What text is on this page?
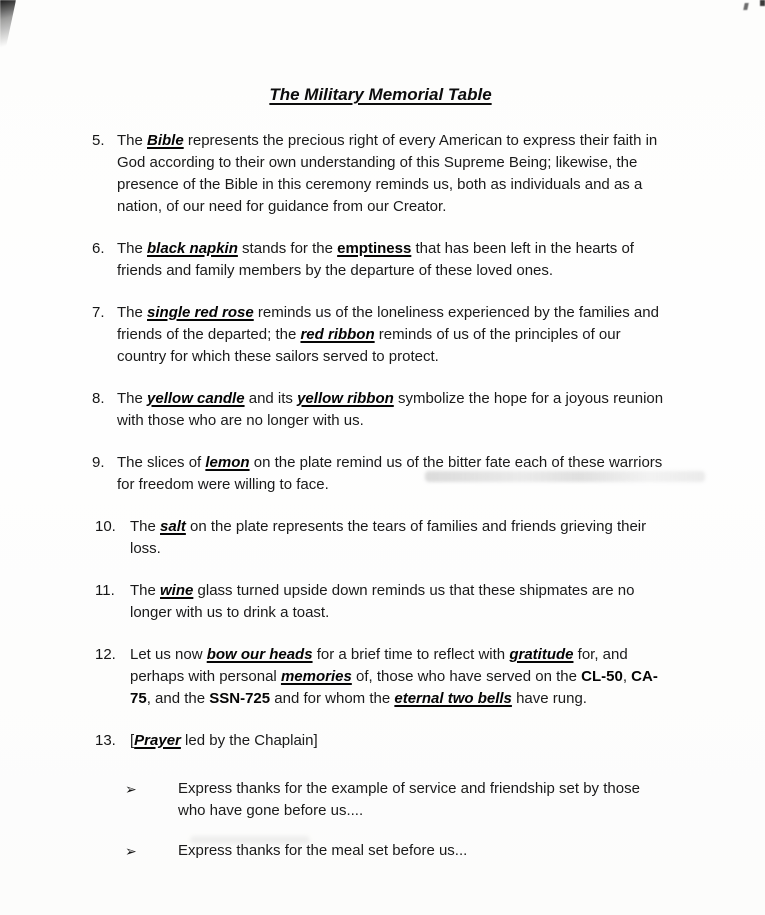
The Military Memorial Table
5. The Bible represents the precious right of every American to express their faith in God according to their own understanding of this Supreme Being; likewise, the presence of the Bible in this ceremony reminds us, both as individuals and as a nation, of our need for guidance from our Creator.
6. The black napkin stands for the emptiness that has been left in the hearts of friends and family members by the departure of these loved ones.
7. The single red rose reminds us of the loneliness experienced by the families and friends of the departed; the red ribbon reminds of us of the principles of our country for which these sailors served to protect.
8. The yellow candle and its yellow ribbon symbolize the hope for a joyous reunion with those who are no longer with us.
9. The slices of lemon on the plate remind us of the bitter fate each of these warriors for freedom were willing to face.
10. The salt on the plate represents the tears of families and friends grieving their loss.
11.	The wine glass turned upside down reminds us that these shipmates are no longer with us to drink a toast.
12. Let us now bow our heads for a brief time to reflect with gratitude for, and perhaps with personal memories of, those who have served on the CL-50, CA-75, and the SSN-725 and for whom the eternal two bells have rung.
13. [Prayer led by the Chaplain]
➢	Express thanks for the example of service and friendship set by those who have gone before us....
➢	Express thanks for the meal set before us...
